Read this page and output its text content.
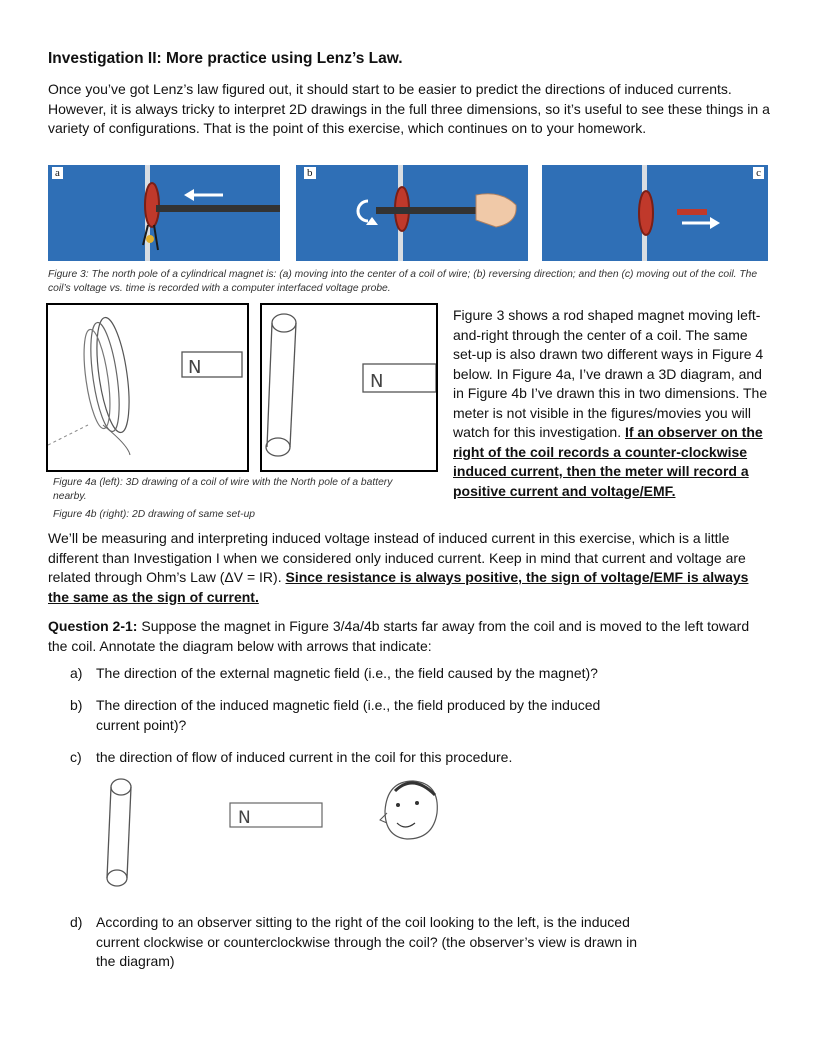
Investigation II: More practice using Lenz’s Law.
Once you’ve got Lenz’s law figured out, it should start to be easier to predict the directions of induced currents. However, it is always tricky to interpret 2D drawings in the full three dimensions, so it’s useful to see these things in a variety of configurations. That is the point of this exercise, which continues on to your homework.
a	b	c
Figure 3: The north pole of a cylindrical magnet is: (a) moving into the center of a coil of wire; (b) reversing direction; and then (c) moving out of the coil. The coil’s voltage vs. time is recorded with a computer interfaced voltage probe.
N
N
Figure 4a (left): 3D drawing of a coil of wire with the North pole of a battery nearby.
Figure 4b (right): 2D drawing of same set-up
Figure 3 shows a rod shaped magnet moving left-and-right through the center of a coil. The same set-up is also drawn two different ways in Figure 4 below. In Figure 4a, I’ve drawn a 3D diagram, and in Figure 4b I’ve drawn this in two dimensions. The meter is not visible in the figures/movies you will watch for this investigation. If an observer on the right of the coil records a counter-clockwise induced current, then the meter will record a positive current and voltage/EMF.
We’ll be measuring and interpreting induced voltage instead of induced current in this exercise, which is a little different than Investigation I when we considered only induced current. Keep in mind that current and voltage are related through Ohm’s Law (ΔV = IR). Since resistance is always positive, the sign of voltage/EMF is always the same as the sign of current.
Question 2-1: Suppose the magnet in Figure 3/4a/4b starts far away from the coil and is moved to the left toward the coil. Annotate the diagram below with arrows that indicate:
a) The direction of the external magnetic field (i.e., the field caused by the magnet)?
b) The direction of the induced magnetic field (i.e., the field produced by the induced current point)?
c) the direction of flow of induced current in the coil for this procedure.
N
d) According to an observer sitting to the right of the coil looking to the left, is the induced current clockwise or counterclockwise through the coil? (the observer’s view is drawn in the diagram)
